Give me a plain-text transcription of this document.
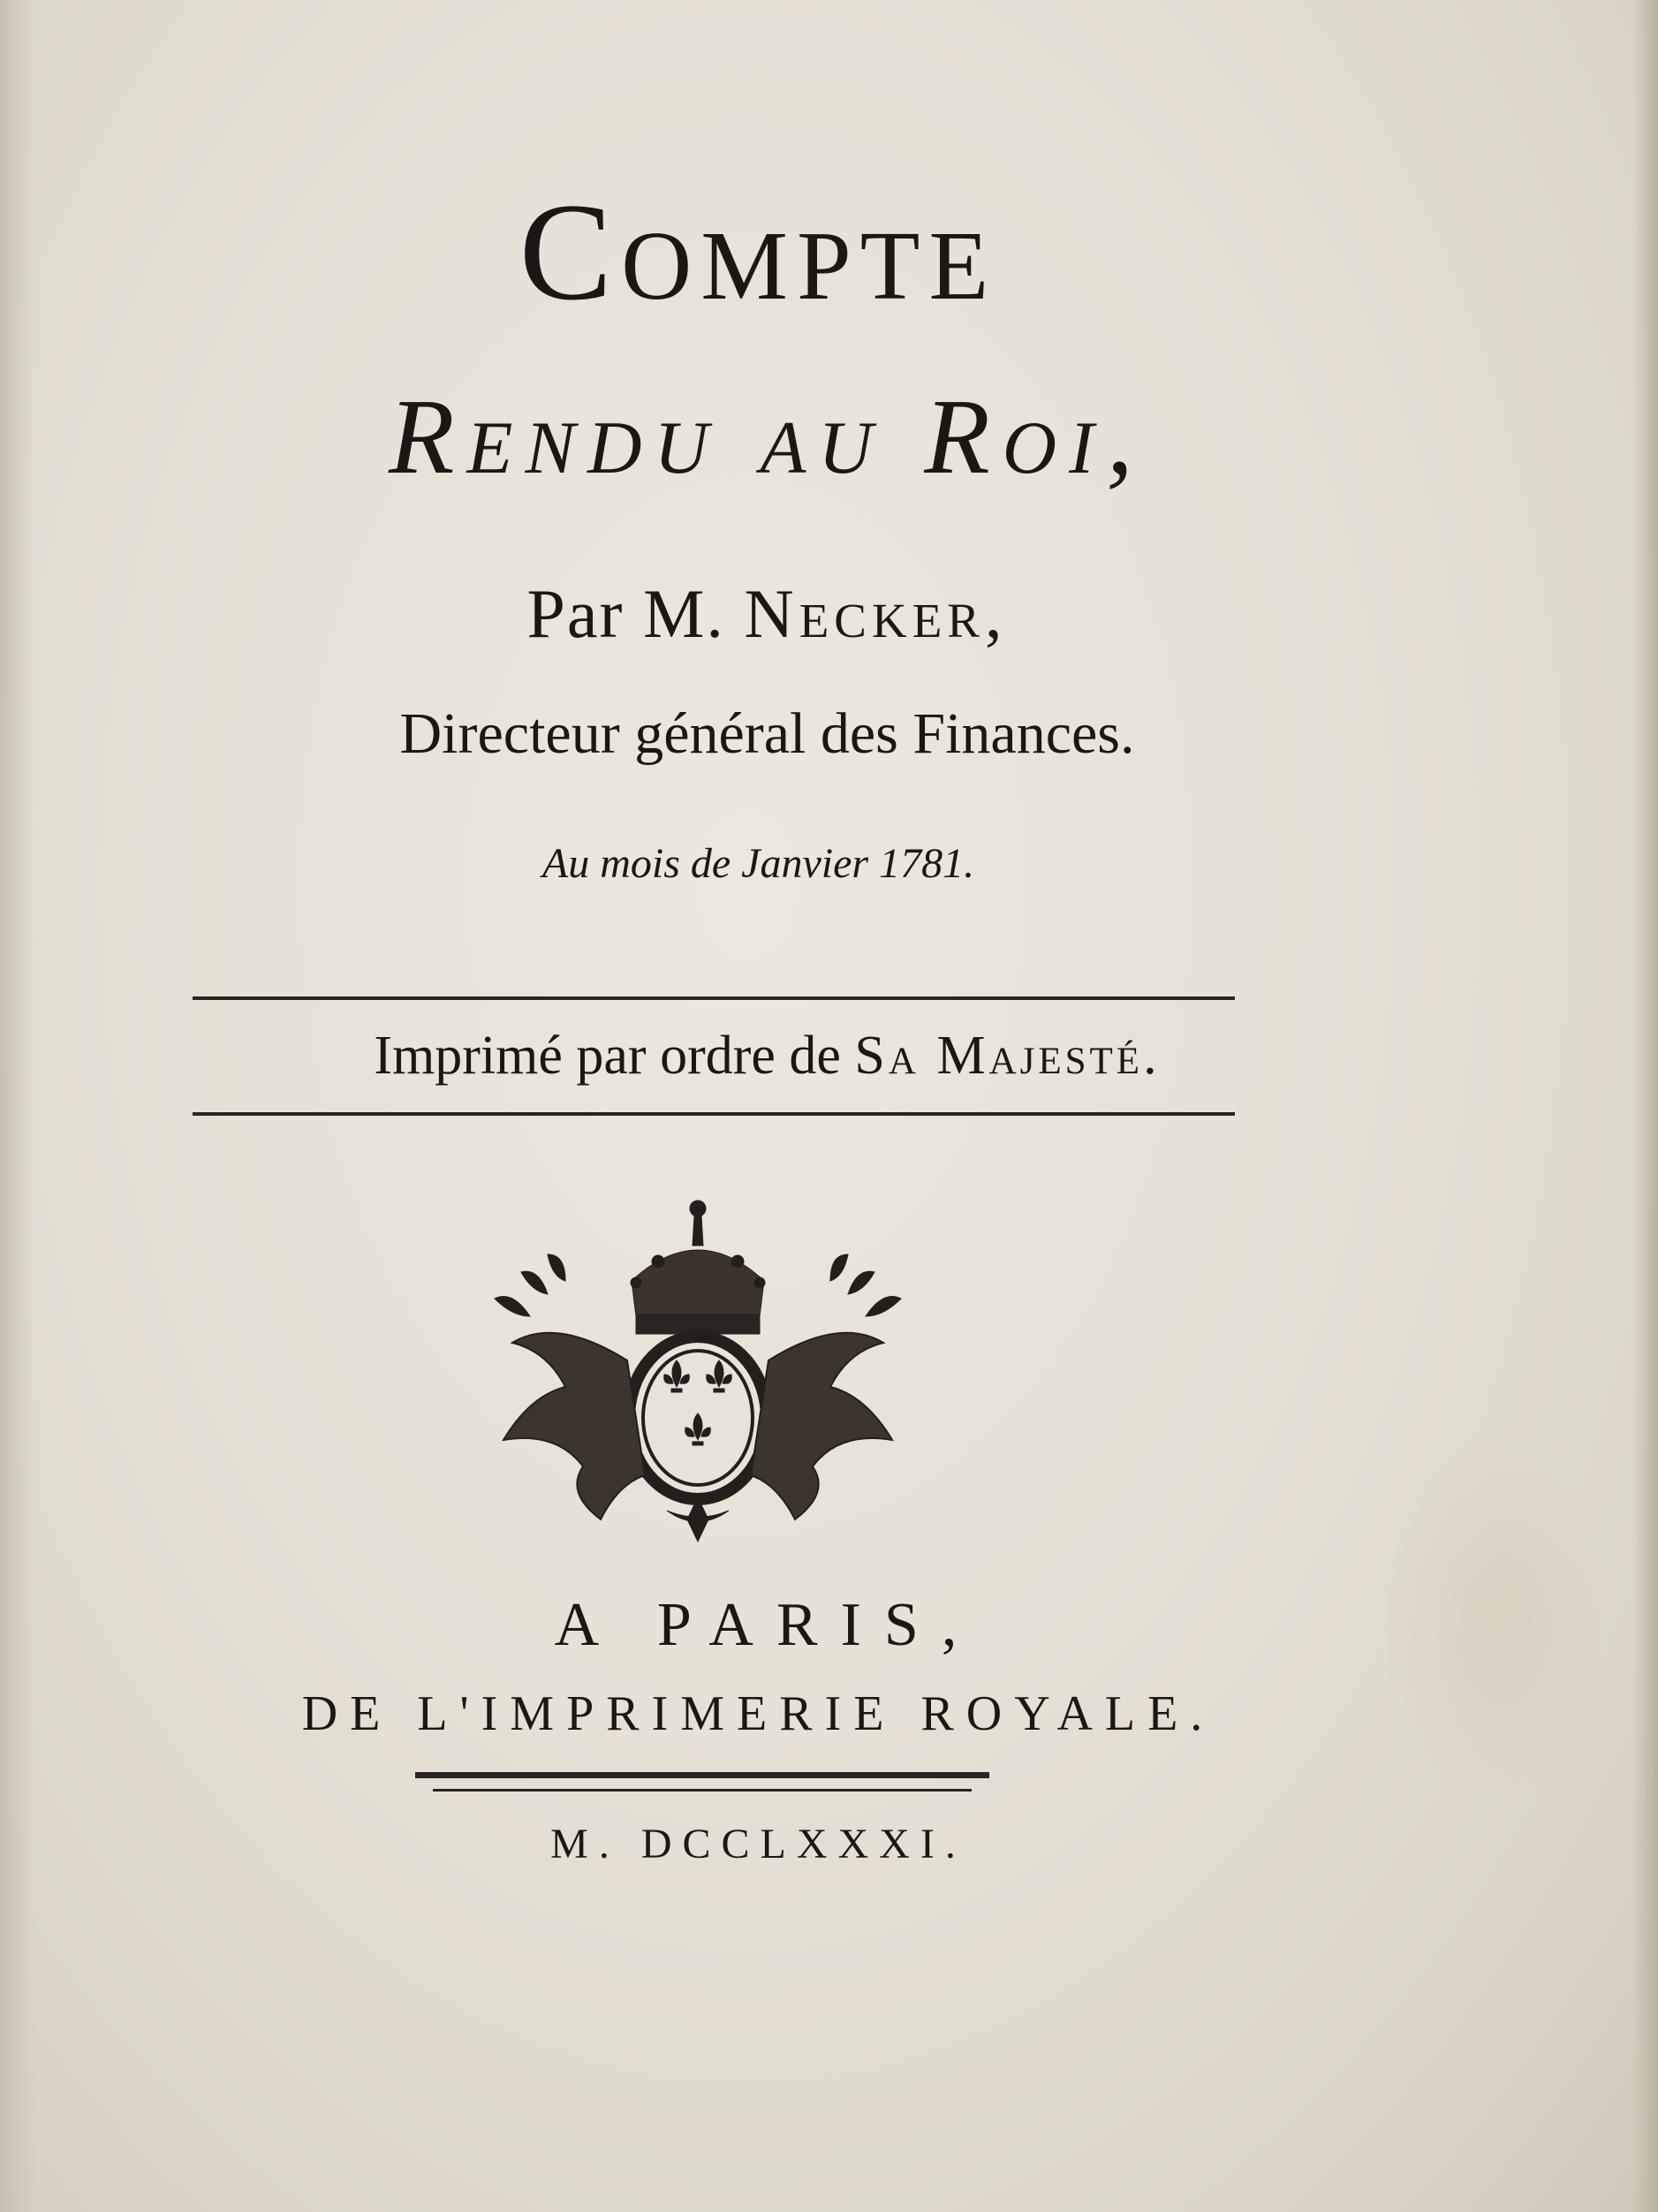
Compte
Rendu au Roi,
Par M. Necker,
Directeur général des Finances.
Au mois de Janvier 1781.
Imprimé par ordre de Sa Majesté.
A PARIS,
DE L'IMPRIMERIE ROYALE.
M. DCCLXXXI.
